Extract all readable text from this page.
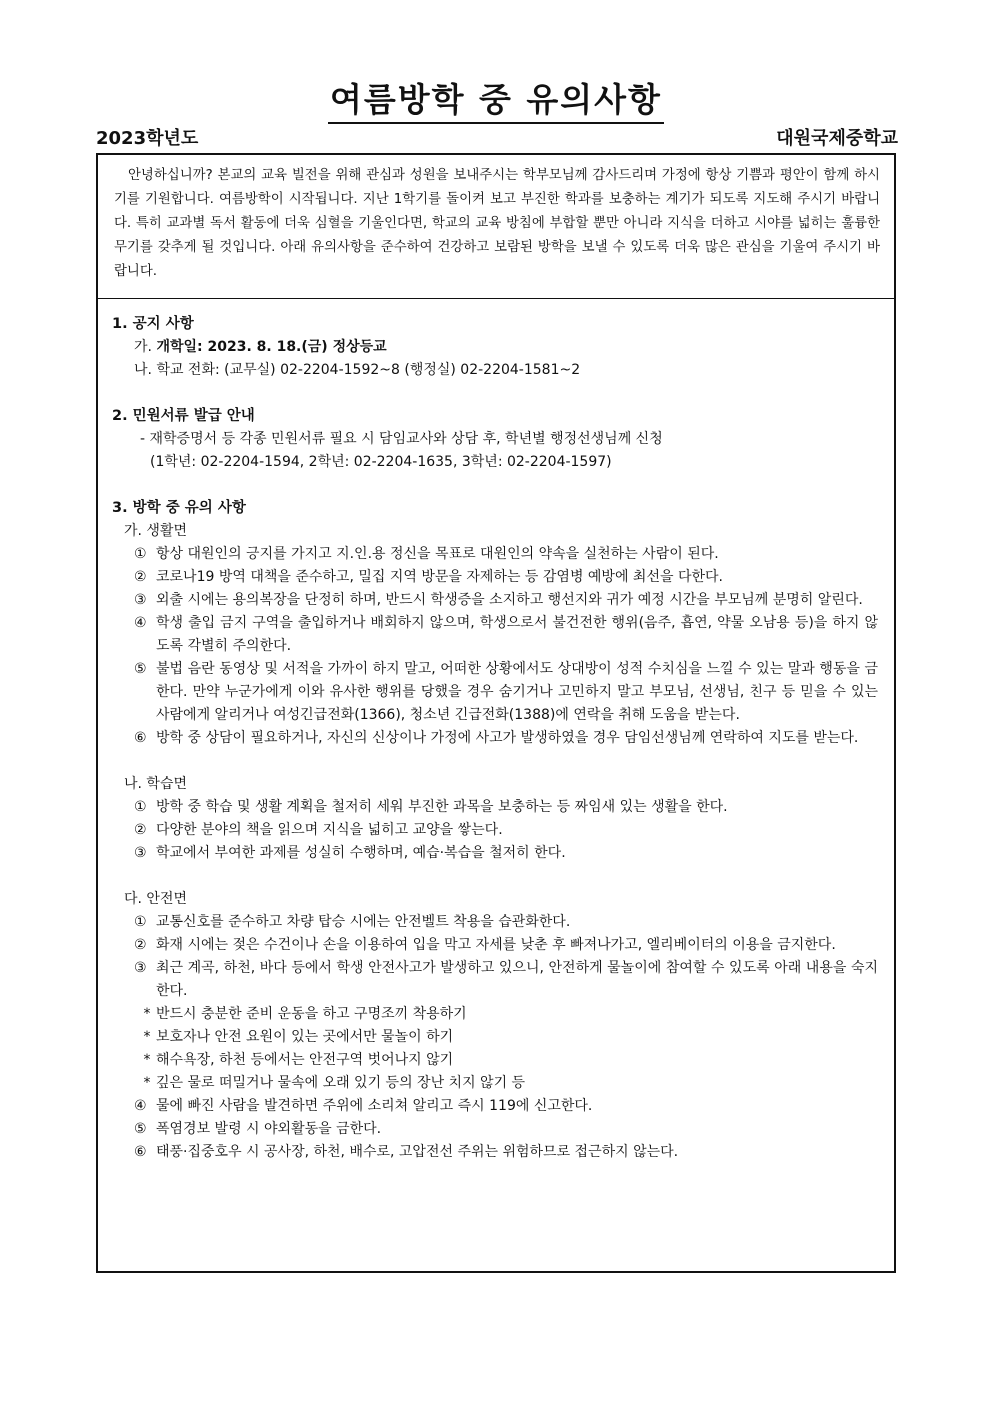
여름방학 중 유의사항
2023학년도	대원국제중학교
안녕하십니까? 본교의 교육 빌전을 위해 관심과 성원을 보내주시는 학부모님께 감사드리며 가정에 항상 기쁨과 평안이 함께 하시기를 기원합니다. 여름방학이 시작됩니다. 지난 1학기를 돌이켜 보고 부진한 학과를 보충하는 계기가 되도록 지도해 주시기 바랍니다. 특히 교과별 독서 활동에 더욱 심혈을 기울인다면, 학교의 교육 방침에 부합할 뿐만 아니라 지식을 더하고 시야를 넓히는 훌륭한 무기를 갖추게 될 것입니다. 아래 유의사항을 준수하여 건강하고 보람된 방학을 보낼 수 있도록 더욱 많은 관심을 기울여 주시기 바랍니다.
1. 공지 사항
가. 개학일: 2023. 8. 18.(금) 정상등교
나. 학교 전화: (교무실) 02-2204-1592~8 (행정실) 02-2204-1581~2
2. 민원서류 발급 안내
- 재학증명서 등 각종 민원서류 필요 시 담임교사와 상담 후, 학년별 행정선생님께 신청
(1학년: 02-2204-1594, 2학년: 02-2204-1635, 3학년: 02-2204-1597)
3. 방학 중 유의 사항
가. 생활면
① 항상 대원인의 긍지를 가지고 지.인.용 정신을 목표로 대원인의 약속을 실천하는 사람이 된다.
② 코로나19 방역 대책을 준수하고, 밀집 지역 방문을 자제하는 등 감염병 예방에 최선을 다한다.
③ 외출 시에는 용의복장을 단정히 하며, 반드시 학생증을 소지하고 행선지와 귀가 예정 시간을 부모님께 분명히 알린다.
④ 학생 출입 금지 구역을 출입하거나 배회하지 않으며, 학생으로서 불건전한 행위(음주, 흡연, 약물 오남용 등)을 하지 않도록 각별히 주의한다.
⑤ 불법 음란 동영상 및 서적을 가까이 하지 말고, 어떠한 상황에서도 상대방이 성적 수치심을 느낄 수 있는 말과 행동을 금한다. 만약 누군가에게 이와 유사한 행위를 당했을 경우 숨기거나 고민하지 말고 부모님, 선생님, 친구 등 믿을 수 있는 사람에게 알리거나 여성긴급전화(1366), 청소년 긴급전화(1388)에 연락을 취해 도움을 받는다.
⑥ 방학 중 상담이 필요하거나, 자신의 신상이나 가정에 사고가 발생하였을 경우 담임선생님께 연락하여 지도를 받는다.
나. 학습면
① 방학 중 학습 및 생활 계획을 철저히 세워 부진한 과목을 보충하는 등 짜임새 있는 생활을 한다.
② 다양한 분야의 책을 읽으며 지식을 넓히고 교양을 쌓는다.
③ 학교에서 부여한 과제를 성실히 수행하며, 예습·복습을 철저히 한다.
다. 안전면
① 교통신호를 준수하고 차량 탑승 시에는 안전벨트 착용을 습관화한다.
② 화재 시에는 젖은 수건이나 손을 이용하여 입을 막고 자세를 낮춘 후 빠져나가고, 엘리베이터의 이용을 금지한다.
③ 최근 계곡, 하천, 바다 등에서 학생 안전사고가 발생하고 있으니, 안전하게 물놀이에 참여할 수 있도록 아래 내용을 숙지한다.
* 반드시 충분한 준비 운동을 하고 구명조끼 착용하기
* 보호자나 안전 요원이 있는 곳에서만 물놀이 하기
* 해수욕장, 하천 등에서는 안전구역 벗어나지 않기
* 깊은 물로 떠밀거나 물속에 오래 있기 등의 장난 치지 않기 등
④ 물에 빠진 사람을 발견하면 주위에 소리쳐 알리고 즉시 119에 신고한다.
⑤ 폭염경보 발령 시 야외활동을 금한다.
⑥ 태풍·집중호우 시 공사장, 하천, 배수로, 고압전선 주위는 위험하므로 접근하지 않는다.
